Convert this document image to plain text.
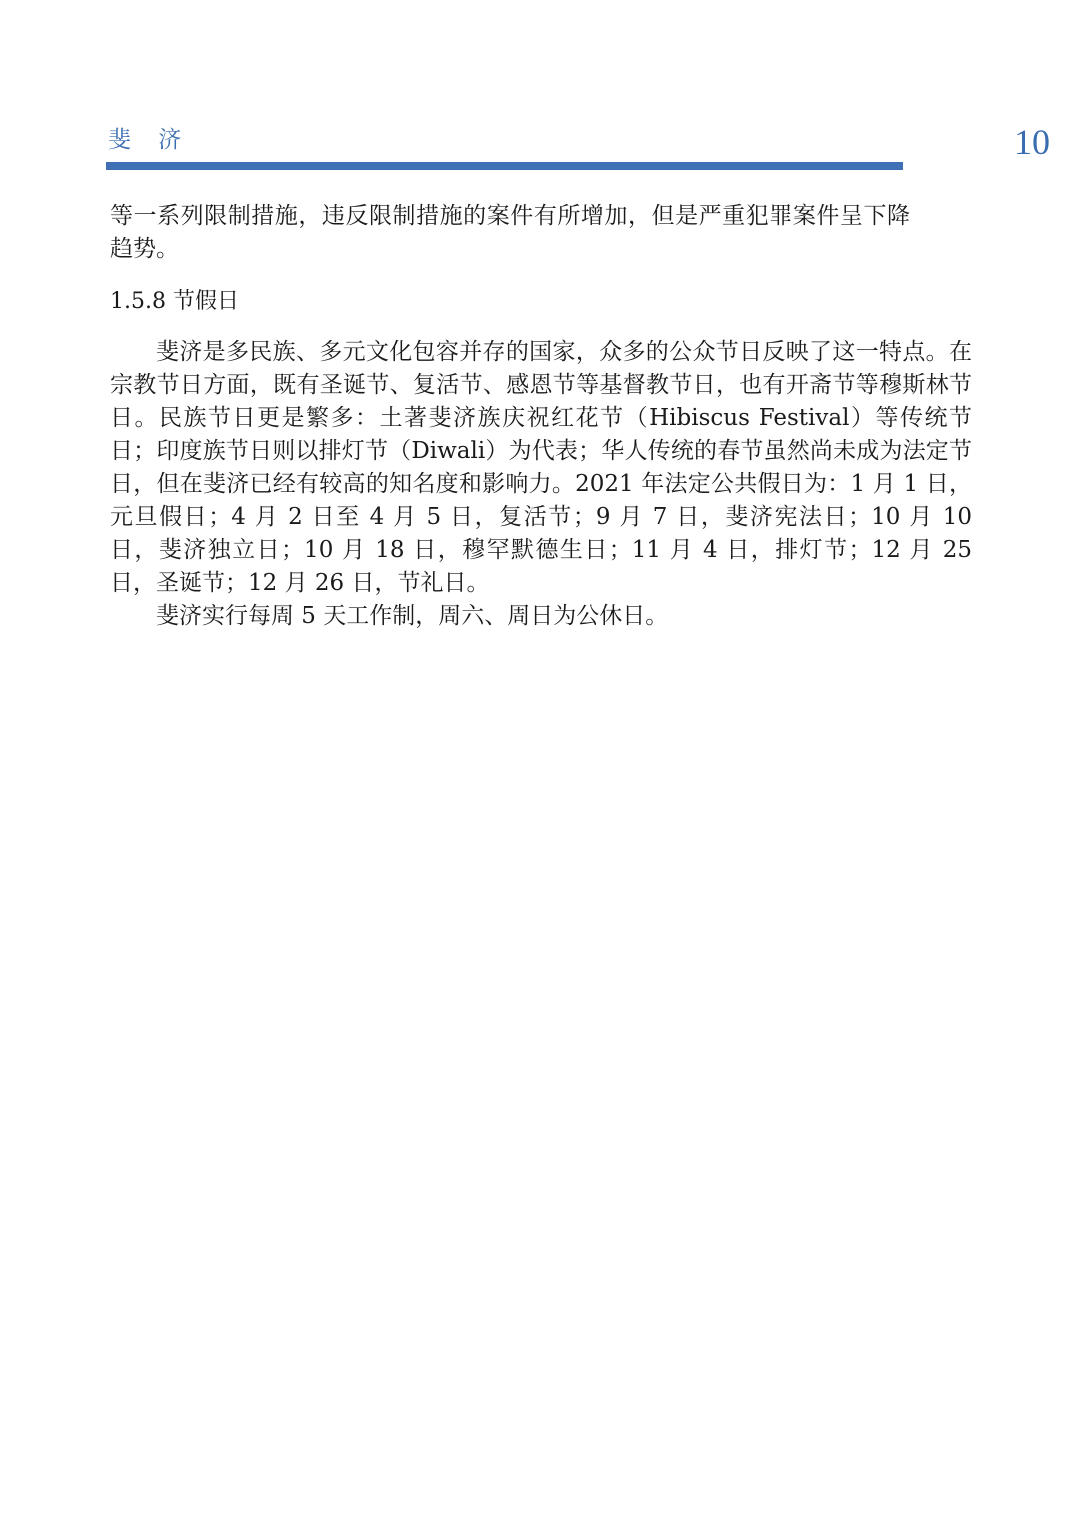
斐 济	10

等一系列限制措施，违反限制措施的案件有所增加，但是严重犯罪案件呈下降趋势。

1.5.8 节假日

斐济是多民族、多元文化包容并存的国家，众多的公众节日反映了这一特点。在宗教节日方面，既有圣诞节、复活节、感恩节等基督教节日，也有开斋节等穆斯林节日。民族节日更是繁多：土著斐济族庆祝红花节（Hibiscus Festival）等传统节日；印度族节日则以排灯节（Diwali）为代表；华人传统的春节虽然尚未成为法定节日，但在斐济已经有较高的知名度和影响力。2021 年法定公共假日为：1 月 1 日，元旦假日；4 月 2 日至 4 月 5 日，复活节；9 月 7 日，斐济宪法日；10 月 10 日，斐济独立日；10 月 18 日，穆罕默德生日；11 月 4 日，排灯节；12 月 25 日，圣诞节；12 月 26 日，节礼日。

斐济实行每周 5 天工作制，周六、周日为公休日。
